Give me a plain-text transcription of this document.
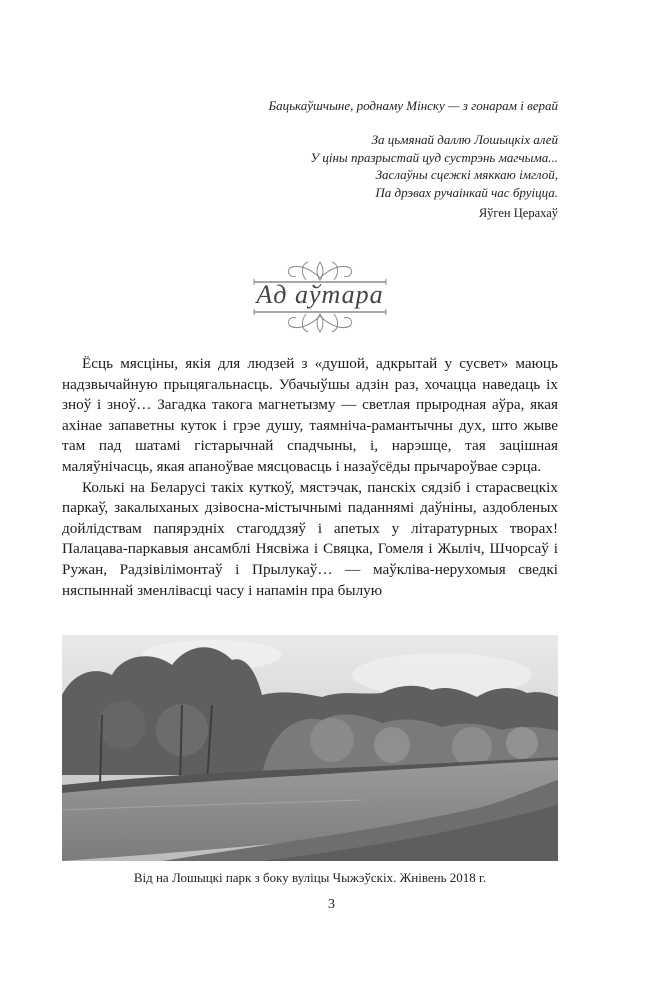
Бацькаўшчыне, роднаму Мінску — з гонарам і верай
За цьмянай даллю Лошыцкіх алей
У ціны празрыстай цуд сустрэнь магчыма...
Заслаўны сцежкі мяккаю імглой,
Па дрэвах ручаінкай час бруіцца.
Яўген Церахаў
Ад аўтара

Ёсць мясціны, якія для людзей з «душой, адкрытай у сусвет» маюць надзвычайную прыцягальнасць. Убачыўшы адзін раз, хочацца наведаць іх зноў і зноў… Загадка такога магнетызму — светлая прыродная аўра, якая ахінае запаветны куток і грэе душу, таямніча-рамантычны дух, што жыве там пад шатамі гістарычнай спадчыны, і, нарэшце, тая зацішная маляўнічасць, якая апаноўвае мясцовасць і назаўсёды прычароўвае сэрца.

Колькі на Беларусі такіх куткоў, мястэчак, панскіх сядзіб і старасвецкіх паркаў, закалыханых дзівосна-містычнымі паданнямі даўніны, аздобленых дойлідствам папярэдніх стагоддзяў і апетых у літаратурных творах! Палацава-паркавыя ансамблі Нясвіжа і Свяцка, Гомеля і Жыліч, Шчорсаў і Ружан, Радзівілімонтаў і Прылукаў… — маўкліва-нерухомыя сведкі няспыннай зменлівасці часу і напамін пра былую

Від на Лошыцкі парк з боку вуліцы Чыжэўскіх. Жнівень 2018 г.
3
